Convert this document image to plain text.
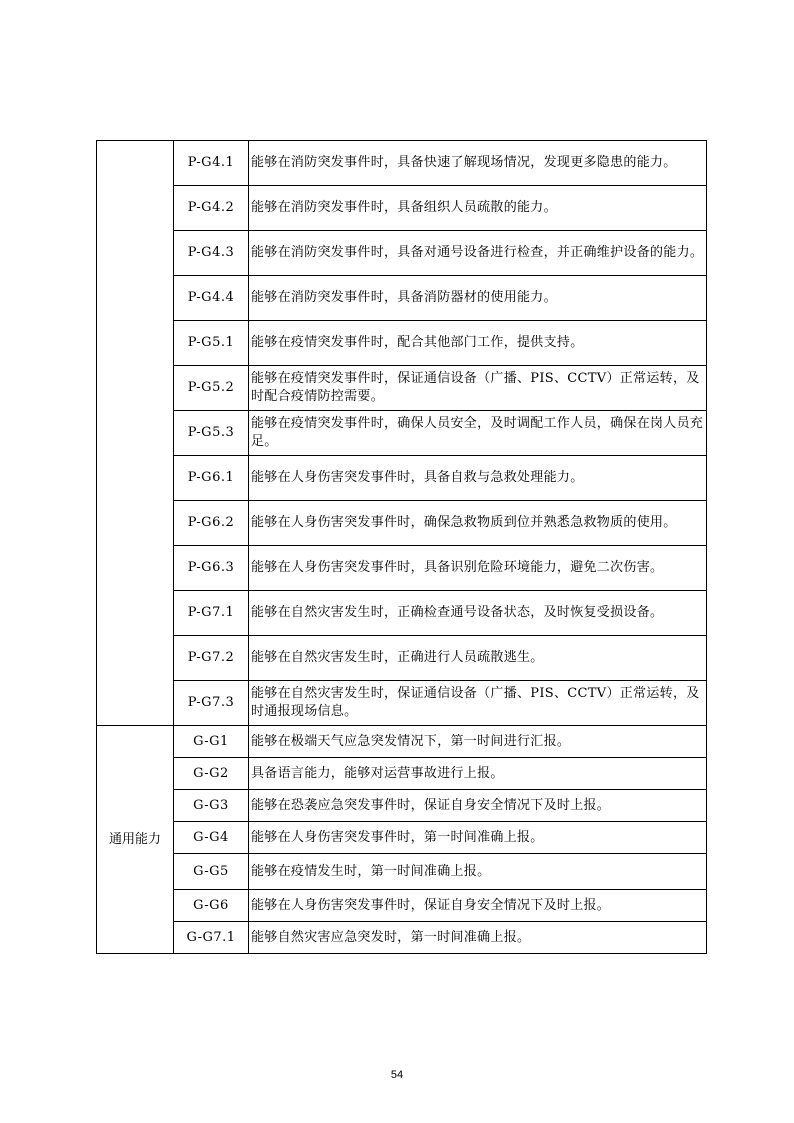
	P-G4.1	能够在消防突发事件时，具备快速了解现场情况，发现更多隐患的能力。
	P-G4.2	能够在消防突发事件时，具备组织人员疏散的能力。
	P-G4.3	能够在消防突发事件时，具备对通号设备进行检查，并正确维护设备的能力。
	P-G4.4	能够在消防突发事件时，具备消防器材的使用能力。
	P-G5.1	能够在疫情突发事件时，配合其他部门工作，提供支持。
	P-G5.2	能够在疫情突发事件时，保证通信设备（广播、PIS、CCTV）正常运转，及时配合疫情防控需要。
	P-G5.3	能够在疫情突发事件时，确保人员安全，及时调配工作人员，确保在岗人员充足。
	P-G6.1	能够在人身伤害突发事件时，具备自救与急救处理能力。
	P-G6.2	能够在人身伤害突发事件时，确保急救物质到位并熟悉急救物质的使用。
	P-G6.3	能够在人身伤害突发事件时，具备识别危险环境能力，避免二次伤害。
	P-G7.1	能够在自然灾害发生时，正确检查通号设备状态，及时恢复受损设备。
	P-G7.2	能够在自然灾害发生时，正确进行人员疏散逃生。
	P-G7.3	能够在自然灾害发生时，保证通信设备（广播、PIS、CCTV）正常运转，及时通报现场信息。
通用能力	G-G1	能够在极端天气应急突发情况下，第一时间进行汇报。
	G-G2	具备语言能力，能够对运营事故进行上报。
	G-G3	能够在恐袭应急突发事件时，保证自身安全情况下及时上报。
	G-G4	能够在人身伤害突发事件时，第一时间准确上报。
	G-G5	能够在疫情发生时，第一时间准确上报。
	G-G6	能够在人身伤害突发事件时，保证自身安全情况下及时上报。
	G-G7.1	能够自然灾害应急突发时，第一时间准确上报。
54
